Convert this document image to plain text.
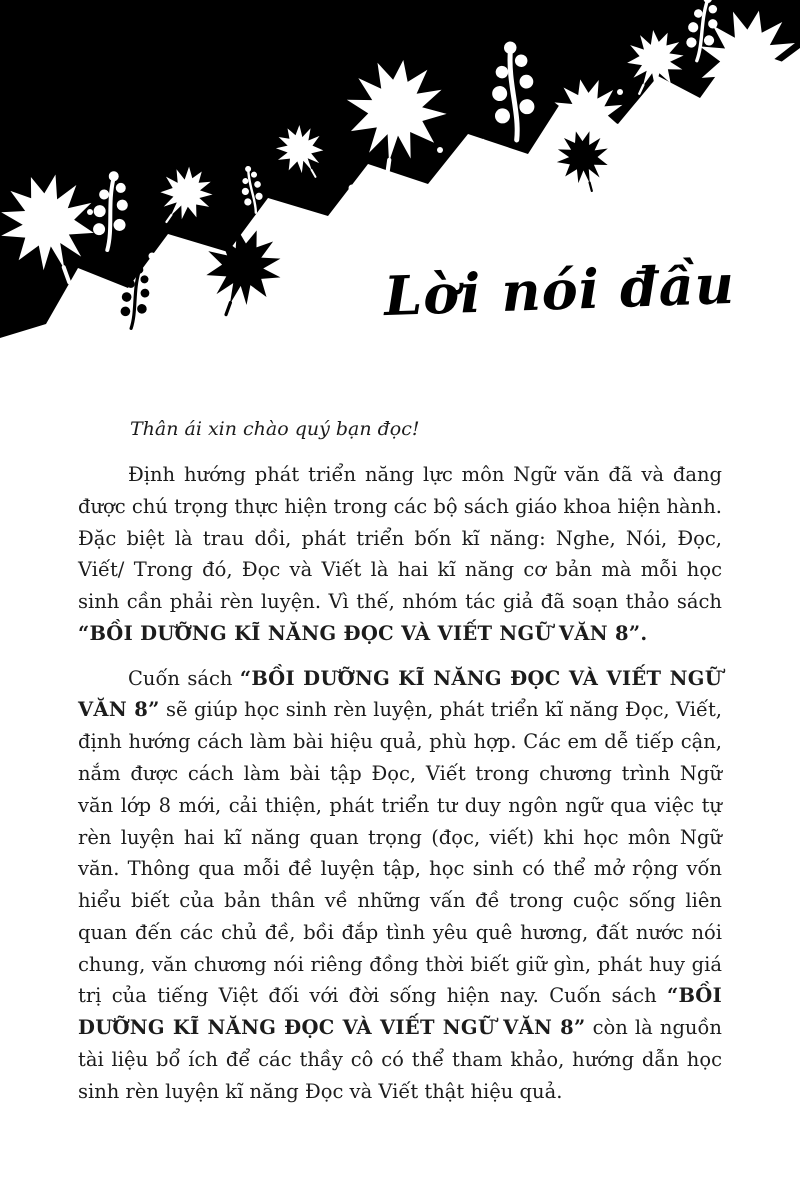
Lời nói đầu

Thân ái xin chào quý bạn đọc!

Định hướng phát triển năng lực môn Ngữ văn đã và đang được chú trọng thực hiện trong các bộ sách giáo khoa hiện hành. Đặc biệt là trau dồi, phát triển bốn kĩ năng: Nghe, Nói, Đọc, Viết/ Trong đó, Đọc và Viết là hai kĩ năng cơ bản mà mỗi học sinh cần phải rèn luyện. Vì thế, nhóm tác giả đã soạn thảo sách “BỒI DƯỠNG KĨ NĂNG ĐỌC VÀ VIẾT NGỮ VĂN 8”.

Cuốn sách “BỒI DƯỠNG KĨ NĂNG ĐỌC VÀ VIẾT NGỮ VĂN 8” sẽ giúp học sinh rèn luyện, phát triển kĩ năng Đọc, Viết, định hướng cách làm bài hiệu quả, phù hợp. Các em dễ tiếp cận, nắm được cách làm bài tập Đọc, Viết trong chương trình Ngữ văn lớp 8 mới, cải thiện, phát triển tư duy ngôn ngữ qua việc tự rèn luyện hai kĩ năng quan trọng (đọc, viết) khi học môn Ngữ văn. Thông qua mỗi đề luyện tập, học sinh có thể mở rộng vốn hiểu biết của bản thân về những vấn đề trong cuộc sống liên quan đến các chủ đề, bồi đắp tình yêu quê hương, đất nước nói chung, văn chương nói riêng đồng thời biết giữ gìn, phát huy giá trị của tiếng Việt đối với đời sống hiện nay. Cuốn sách “BỒI DƯỠNG KĨ NĂNG ĐỌC VÀ VIẾT NGỮ VĂN 8” còn là nguồn tài liệu bổ ích để các thầy cô có thể tham khảo, hướng dẫn học sinh rèn luyện kĩ năng Đọc và Viết thật hiệu quả.
